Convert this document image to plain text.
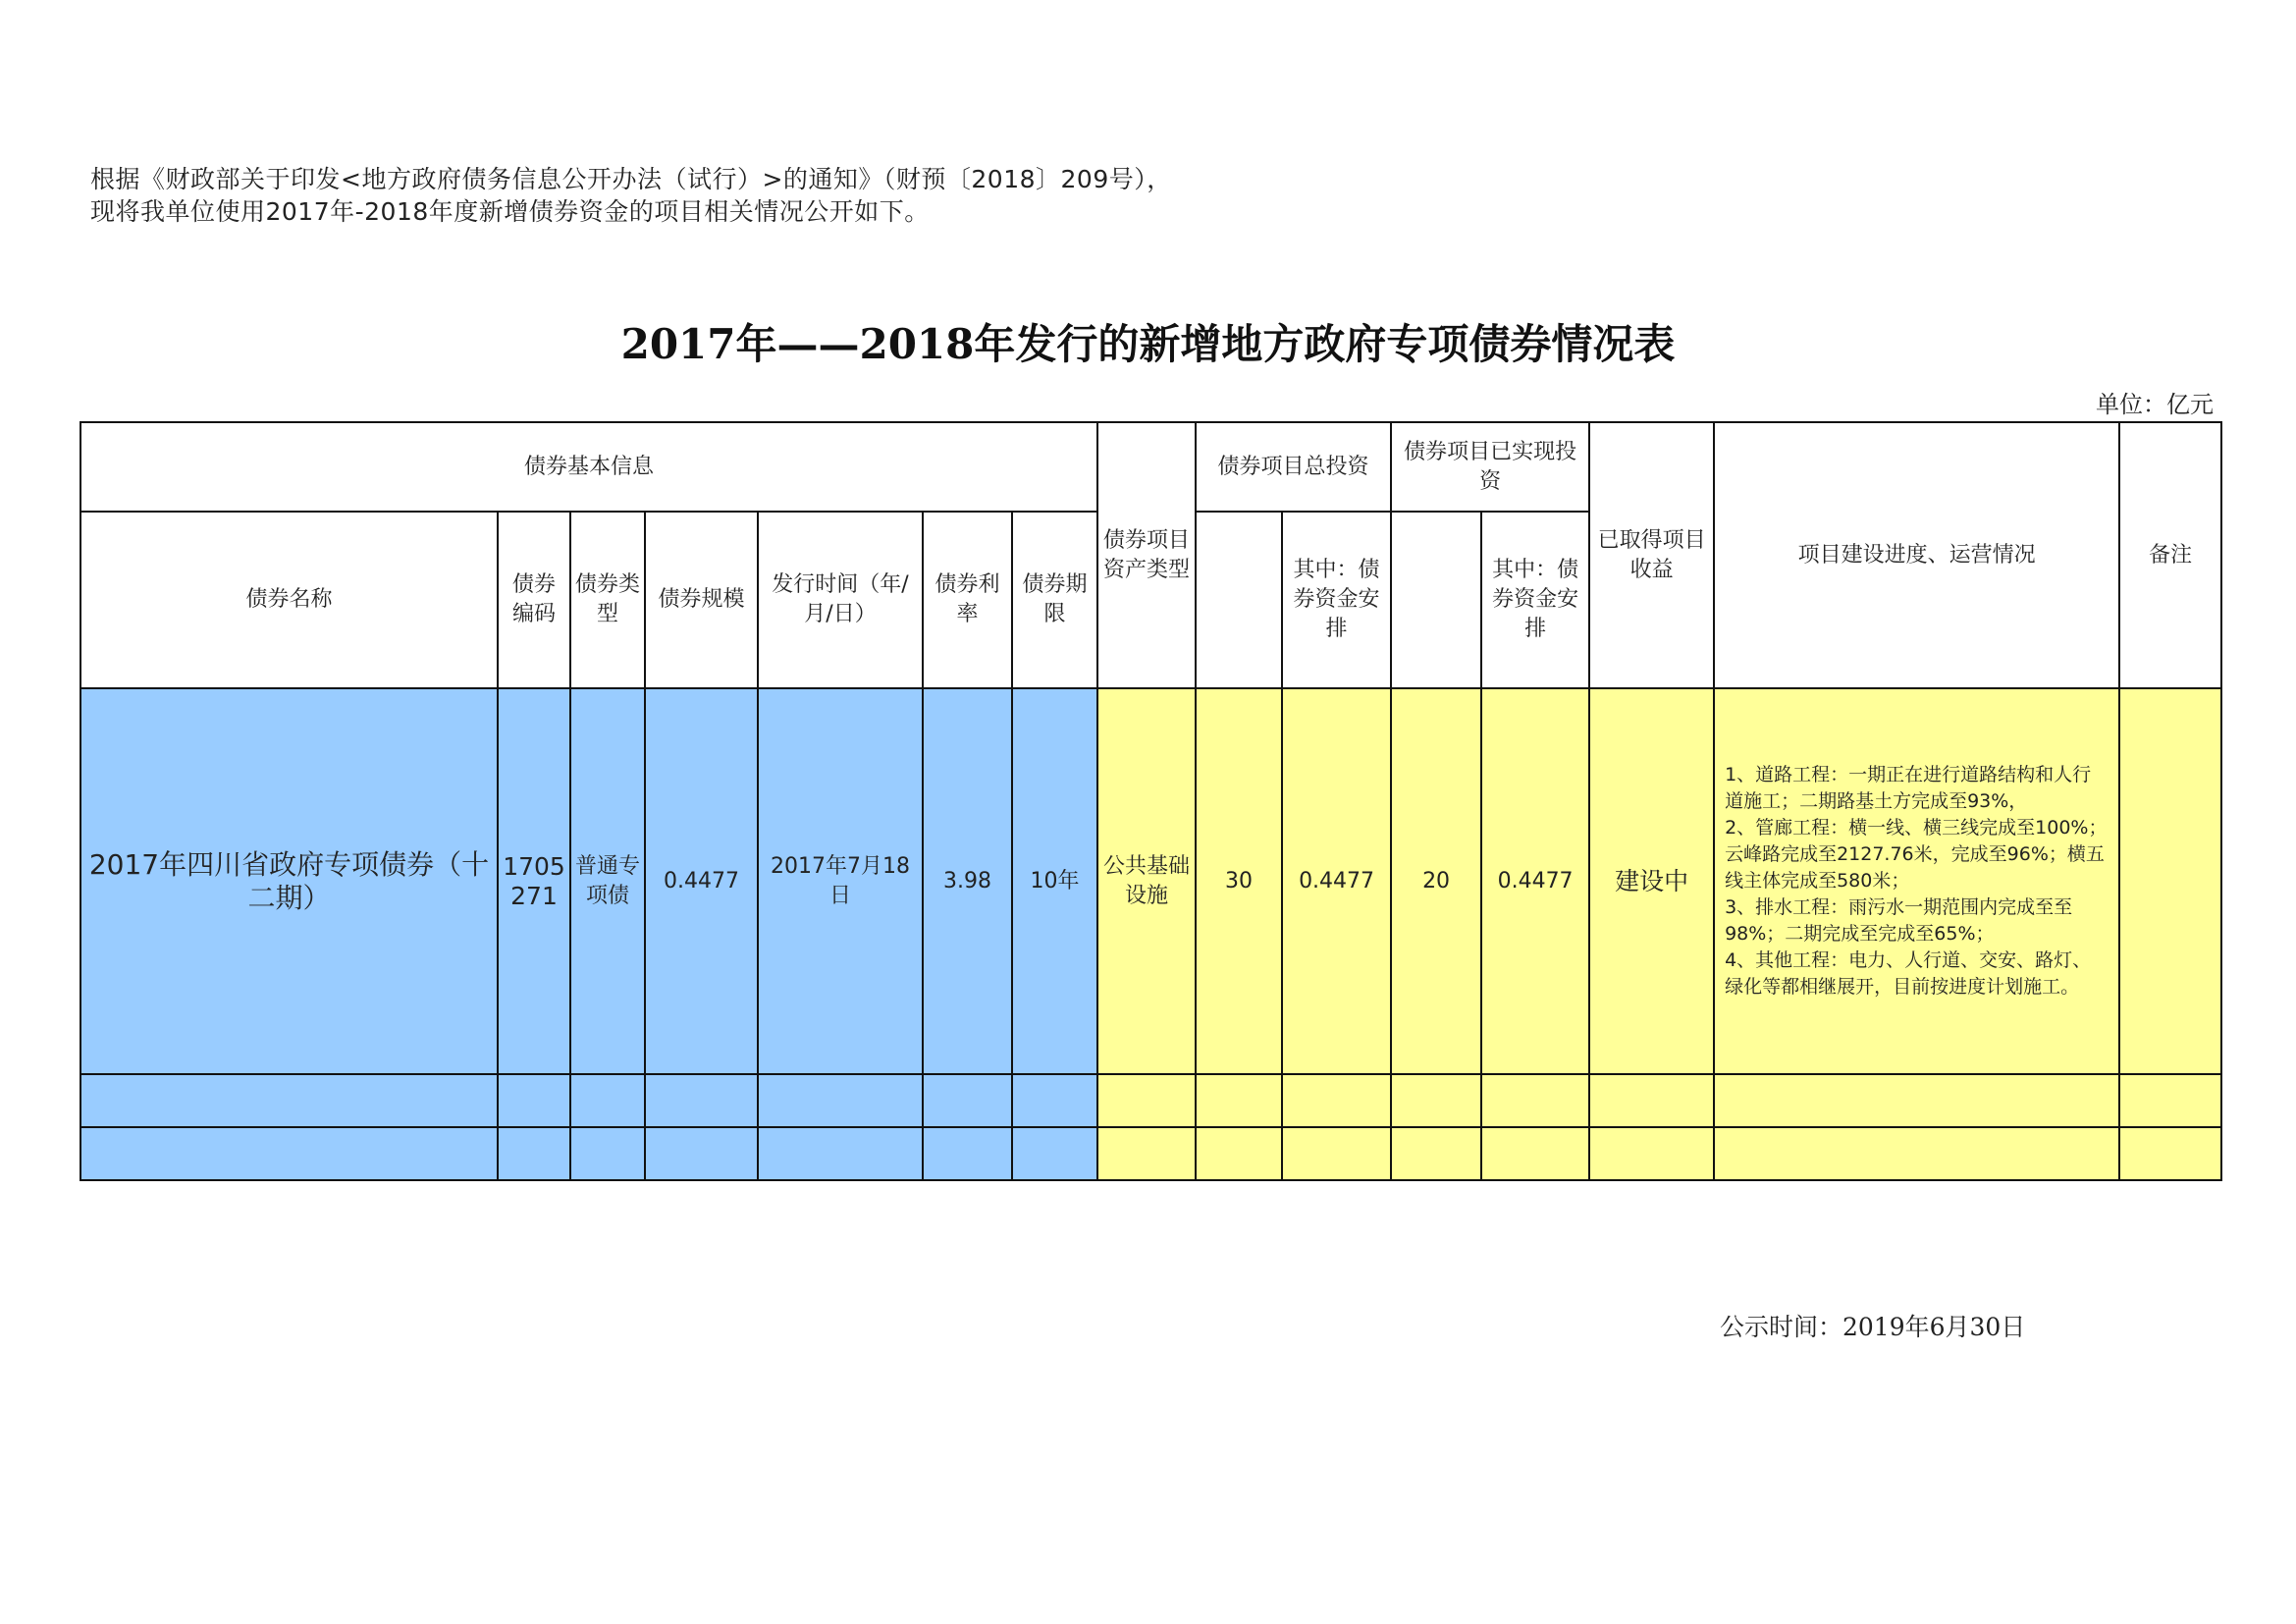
根据《财政部关于印发<地方政府债务信息公开办法（试行）>的通知》（财预〔2018〕209号），
现将我单位使用2017年-2018年度新增债券资金的项目相关情况公开如下。
2017年——2018年发行的新增地方政府专项债券情况表
单位：亿元
债券基本信息							债券项目资产类型	债券项目总投资		债券项目已实现投资		已取得项目收益	项目建设进度、运营情况	备注
债券名称	债券编码	债券类型	债券规模	发行时间（年/月/日）	债券利率	债券期限			其中：债券资金安排		其中：债券资金安排			
2017年四川省政府专项债券（十二期）	1705271	普通专项债	0.4477	2017年7月18日	3.98	10年	公共基础设施	30	0.4477	20	0.4477	建设中	1、道路工程：一期正在进行道路结构和人行道施工；二期路基土方完成至93%，
2、管廊工程：横一线、横三线完成至100%；云峰路完成至2127.76米，完成至96%；横五线主体完成至580米；
3、排水工程：雨污水一期范围内完成至至98%；二期完成至完成至65%；
4、其他工程：电力、人行道、交安、路灯、绿化等都相继展开，目前按进度计划施工。	

公示时间：2019年6月30日
